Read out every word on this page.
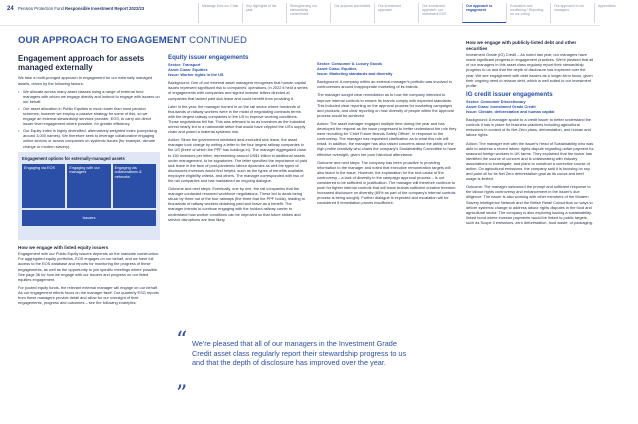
24 Pension Protection Fund Responsible Investment Report 2022/23	Message from our Chair	Key highlights of the year
Strengthening our stewardship commitment
Our purpose and beliefs	Our investment approach
Our investment approach: our investment ESG
Our approach to engagement
Evaluation and monitoring / Reporting on our voting
Our approach to our managers
Appendices
OUR APPROACH TO ENGAGEMENT CONTINUED
Engagement approach for assets managed externally

We take a multi-pronged approach to engagement for our externally managed assets, driven by the following factors:

• We allocate across many asset classes using a range of external fund managers with whom we engage directly and instruct to engage with issuers on our behalf.
• Our asset allocation in Public Equities is much lower than most pension schemes; however we employ a passive strategy for some of this, so we engage an external stewardship services provider, EOS, to carry out direct issuer level engagement where possible, for greater efficiency.
• Our Equity Index is highly diversified, alternatively weighted index (comprising around 3,000 names). We therefore seek to leverage collaborative engaging online sectors or across companies on systemic issues (for example, climate change or modern slavery).
Engagement options for externally-managed assets
Engaging via EOS	Engaging with our managers
Engaging via collaborations & networks
Issuers
How we engage with listed equity issuers

Engagement with our Public Equity issuers depends on the mandate construction. For aggregated equity portfolios, EOS engages on our behalf, and we have full access to the EOS database and reports for monitoring the progress of these engagements, as well as the opportunity to join specific meetings where possible. See page 36 for how we engage with our issuers and progress on our listed equities engagement.

For pooled equity funds, the relevant external manager will engage on our behalf. As our engagement efforts focus on the manager itself. Our quarterly ESG reports from these managers provide detail and allow for our oversight of their engagements, progress and outcomes – see the following examples:

Equity issuer engagements
Sector: Transport
Asset Class: Equities
Issue: Worker rights in the US

Background: One of our external asset managers recognises that human capital issues represent significant risk to companies' operations. In 2022 it held a series of engagements with companies and signed investor letters directed at companies that lacked paid sick leave and could benefit from providing it.

Later in the year, the manager homed in on the rail sector where hundreds of thousands of railway workers were in the midst of negotiating contracts terms with the largest railway companies in the US to improve working conditions. Those negotiations fell flat. This was relevant to us as investors as the industrial unrest nearly led to a nationwide strike that would have crippled the US's supply chain and posed a material systemic risk.

Action: Since the government mediated deal excluded sick leave, the asset manager took charge by writing a letter to the four largest railway companies in the US (three of which the PPF has holdings in). The manager aggregated close to 150 investors per letter, representing around US$1 trillion in additional assets under management, to be signatories. The letter specified the importance of paid sick leave in the face of post-pandemic labour dynamics as well the types of disclosures investors would find helpful, such as the types of benefits available, employee eligibility criteria, and others. The manager corresponded with two of the rail companies and has maintained an ongoing dialogue.

Outcome and next steps: Eventually, one by one, the rail companies that the manager contacted resumed workforce negotiations. These led to deals being struck by three out of the four railways (the three that the PPF holds), leading to thousands of railway workers obtaining paid sick leave as a benefit. The manager intends to continue engaging with the holdout railway carrier to understand how worker conditions can be improved so that future strikes and service disruptions are less likely.

Sector: Consumer & Luxury Goods
Asset Class: Equities
Issue: Marketing standards and diversity

Background: A company within an external manager's portfolio was involved in controversies around inappropriate marketing of its brands.

The manager sought clear remediation as to how the company intended to improve internal controls to ensure its brands comply with expected standards. This included clear reporting on the approval process for marketing campaigns and products; and clear reporting on how diversity of people within the approval process would be achieved.

Action: The asset manager engaged multiple time during the year and has developed the request as the issue progressed to better understand the role they were recruiting for 'Chief Future Brands Safety Officer', in response to the controversy. The manager has requested clarification as to what this role will entail. In addition, the manager has also raised concerns about the ability of the high profile creativity who chairs the company's Sustainability Committee to have effective oversight, given her poor historical attendance.

Outcome and next steps: The company has been proactive in providing information to the manager and noted that executive remuneration targets will also factor in the issue. However, the explanation for the root cause of the controversy – a lack of diversity in the campaign approval process – is not considered to be sufficient in justification. The manager will therefore continue to push for tighter internal controls that will leave brands sufficient creative freedom. Increased disclosure on diversity (65% as part of the company's internal controls process is being sought). Further dialogue is expected and escalation will be considered if remediation proves insufficient.

How we engage with publicly-listed debt and other securities

Investment Grade (IG) Credit – As noted last year, our managers have made significant progress in engagement practices. We're pleased that all of our managers in this asset class regularly report their stewardship progress to us and that the depth of disclosure has improved over the year. We see engagement with debt issuers as a longer-term focus, given their ongoing need to reissue debt, which is well suited to our investment profile.

IG credit issuer engagements
Sector: Consumer Discretionary
Asset Class: Investment Grade Credit
Issue: Climate, deforestation and human capital

Background: A manager spoke to a credit issuer to better understand the controls it has in place for business practices including agricultural emissions in context of its Net Zero plans, deforestation, and human and labour rights.

Action: The manager met with the issuer's Head of Sustainability who was able to address a recent labour rights dispute regarding unfair payment for seasonal foreign workers in UK farms. They explained that the issuer has identified the source of concern and is collaborating with industry associations to investigate, and plans to construct a corrective course of action. On agricultural emissions, the company said it is focusing on soy and palm oil for its Net Zero deforestation goal as its cocoa and beef usage is limited.

Outcome: The manager welcomed the prompt and sufficient response to the labour rights controversy and enhancement in the issuer's due diligence. The issuer is also working with other members of the Modern Slavery Intelligence Network and the British Retail Consortium on ways to deliver systemic change to address labour rights disputes in the food and agricultural sector. The company is also exploring issuing a sustainability-linked bond where investor payments would be linked to public targets, such as Scope 3 emissions, zero deforestation, food waste, or packaging.

“ We're pleased that all of our managers in the Investment Grade Credit asset class regularly report their stewardship progress to us and that the depth of disclosure has improved over the year.
”
